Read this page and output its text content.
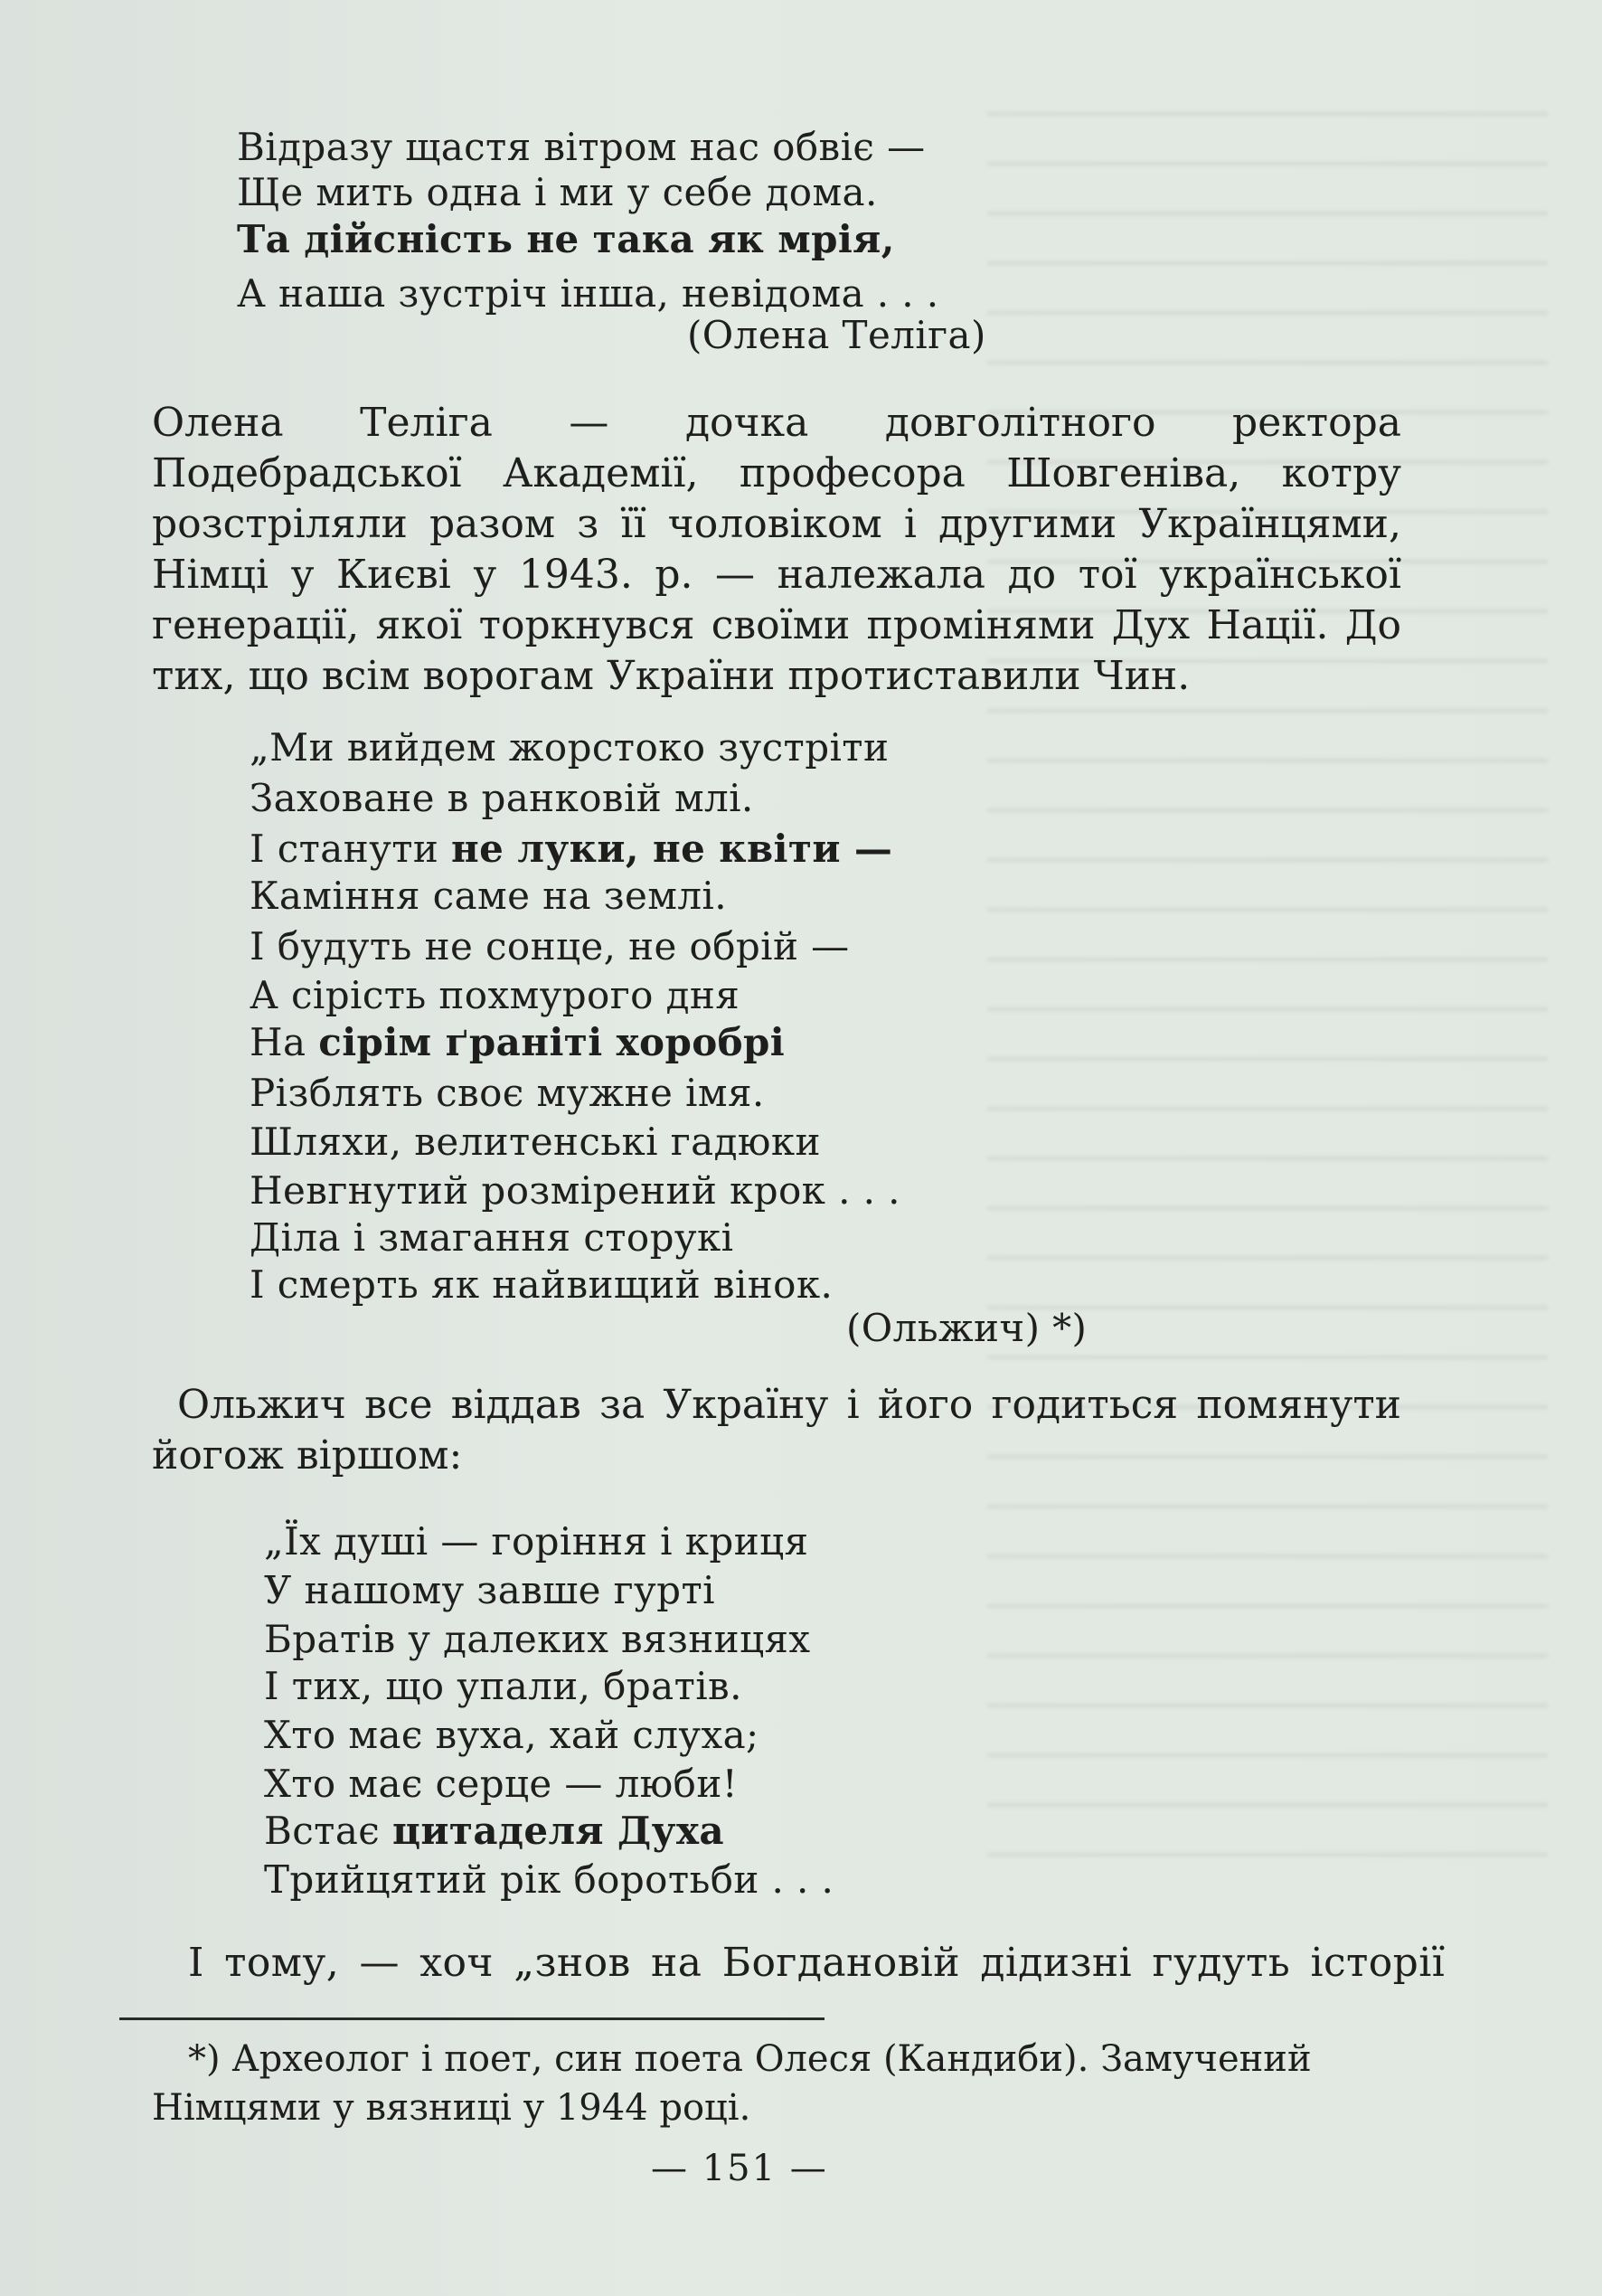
Відразу щастя вітром нас обвіє —
Ще мить одна і ми у себе дома.
Та дійсність не така як мрія,
А наша зустріч інша, невідома . . .
(Олена Теліга)

Олена Теліга — дочка довголітного ректора Подебрадської Академії, професора Шовгеніва, котру розстріляли разом з її чоловіком і другими Українцями, Німці у Києві у 1943. р. — належала до тої української генерації, якої торкнувся своїми промінями Дух Нації. До тих, що всім ворогам України протиставили Чин.

„Ми вийдем жорстоко зустріти
Заховане в ранковій млі.
І станути не луки, не квіти —
Каміння саме на землі.
І будуть не сонце, не обрій —
А сірість похмурого дня
На сірім ґраніті хоробрі
Різблять своє мужне імя.
Шляхи, велитенські гадюки
Невгнутий розмірений крок . . .
Діла і змагання сторукі
І смерть як найвищий вінок.
(Ольжич) *)

Ольжич все віддав за Україну і його годиться помянути йогож віршом:

„Їх душі — горіння і криця
У нашому завше гурті
Братів у далеких вязницях
І тих, що упали, братів.
Хто має вуха, хай слуха;
Хто має серце — люби!
Встає цитаделя Духа
Трийцятий рік боротьби . . .
І тому, — хоч „знов на Богдановій дідизні гудуть історії
*) Археолог і поет, син поета Олеся (Кандиби). Замучений Німцями у вязниці у 1944 році.
— 151 —
